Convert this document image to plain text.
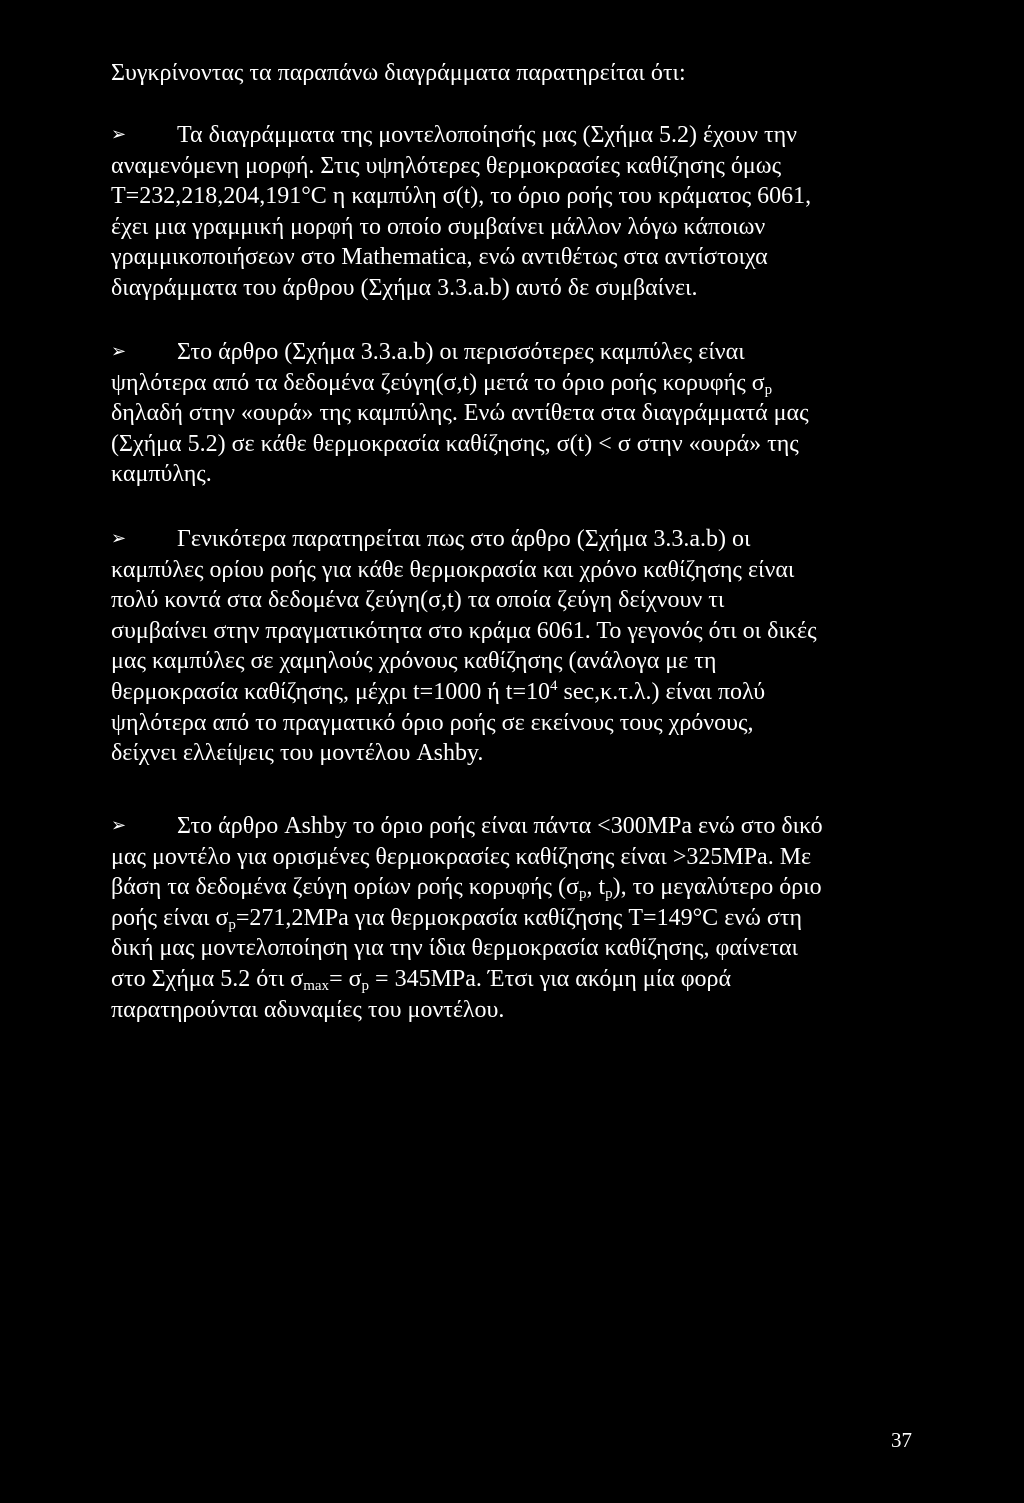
Συγκρίνοντας τα παραπάνω διαγράμματα παρατηρείται ότι:

➢ Τα διαγράμματα της μοντελοποίησής μας (Σχήμα 5.2) έχουν την
αναμενόμενη μορφή. Στις υψηλότερες θερμοκρασίες καθίζησης όμως
T=232,218,204,191°C η καμπύλη σ(t), το όριο ροής του κράματος 6061,
έχει μια γραμμική μορφή το οποίο συμβαίνει μάλλον λόγω κάποιων
γραμμικοποιήσεων στο Mathematica, ενώ αντιθέτως στα αντίστοιχα
διαγράμματα του άρθρου (Σχήμα 3.3.a.b) αυτό δε συμβαίνει.
➢ Στο άρθρο (Σχήμα 3.3.a.b) οι περισσότερες καμπύλες είναι
ψηλότερα από τα δεδομένα ζεύγη(σ,t) μετά το όριο ροής κορυφής $\sigma_p$
δηλαδή στην «ουρά» της καμπύλης. Ενώ αντίθετα στα διαγράμματά μας
(Σχήμα 5.2) σε κάθε θερμοκρασία καθίζησης, σ(t) < σ στην «ουρά» της
καμπύλης.
➢ Γενικότερα παρατηρείται πως στο άρθρο (Σχήμα 3.3.a.b) οι
καμπύλες ορίου ροής για κάθε θερμοκρασία και χρόνο καθίζησης είναι
πολύ κοντά στα δεδομένα ζεύγη(σ,t) τα οποία ζεύγη δείχνουν τι
συμβαίνει στην πραγματικότητα στο κράμα 6061. Το γεγονός ότι οι δικές
μας καμπύλες σε χαμηλούς χρόνους καθίζησης (ανάλογα με τη
θερμοκρασία καθίζησης, μέχρι t=1000 ή $t=10^4$ sec,κ.τ.λ.) είναι πολύ
ψηλότερα από το πραγματικό όριο ροής σε εκείνους τους χρόνους,
δείχνει ελλείψεις του μοντέλου Ashby.
➢ Στο άρθρο Ashby το όριο ροής είναι πάντα <300MPa ενώ στο δικό
μας μοντέλο για ορισμένες θερμοκρασίες καθίζησης είναι >325MPa. Με
βάση τα δεδομένα ζεύγη ορίων ροής κορυφής ($\sigma_p$, $t_p$), το μεγαλύτερο όριο
ροής είναι $\sigma_p=271,2MPa$ για θερμοκρασία καθίζησης T=149°C ενώ στη
δική μας μοντελοποίηση για την ίδια θερμοκρασία καθίζησης, φαίνεται
στο Σχήμα 5.2 ότι $\sigma_{max}= \sigma_p = 345MPa$. Έτσι για ακόμη μία φορά
παρατηρούνται αδυναμίες του μοντέλου.
37
